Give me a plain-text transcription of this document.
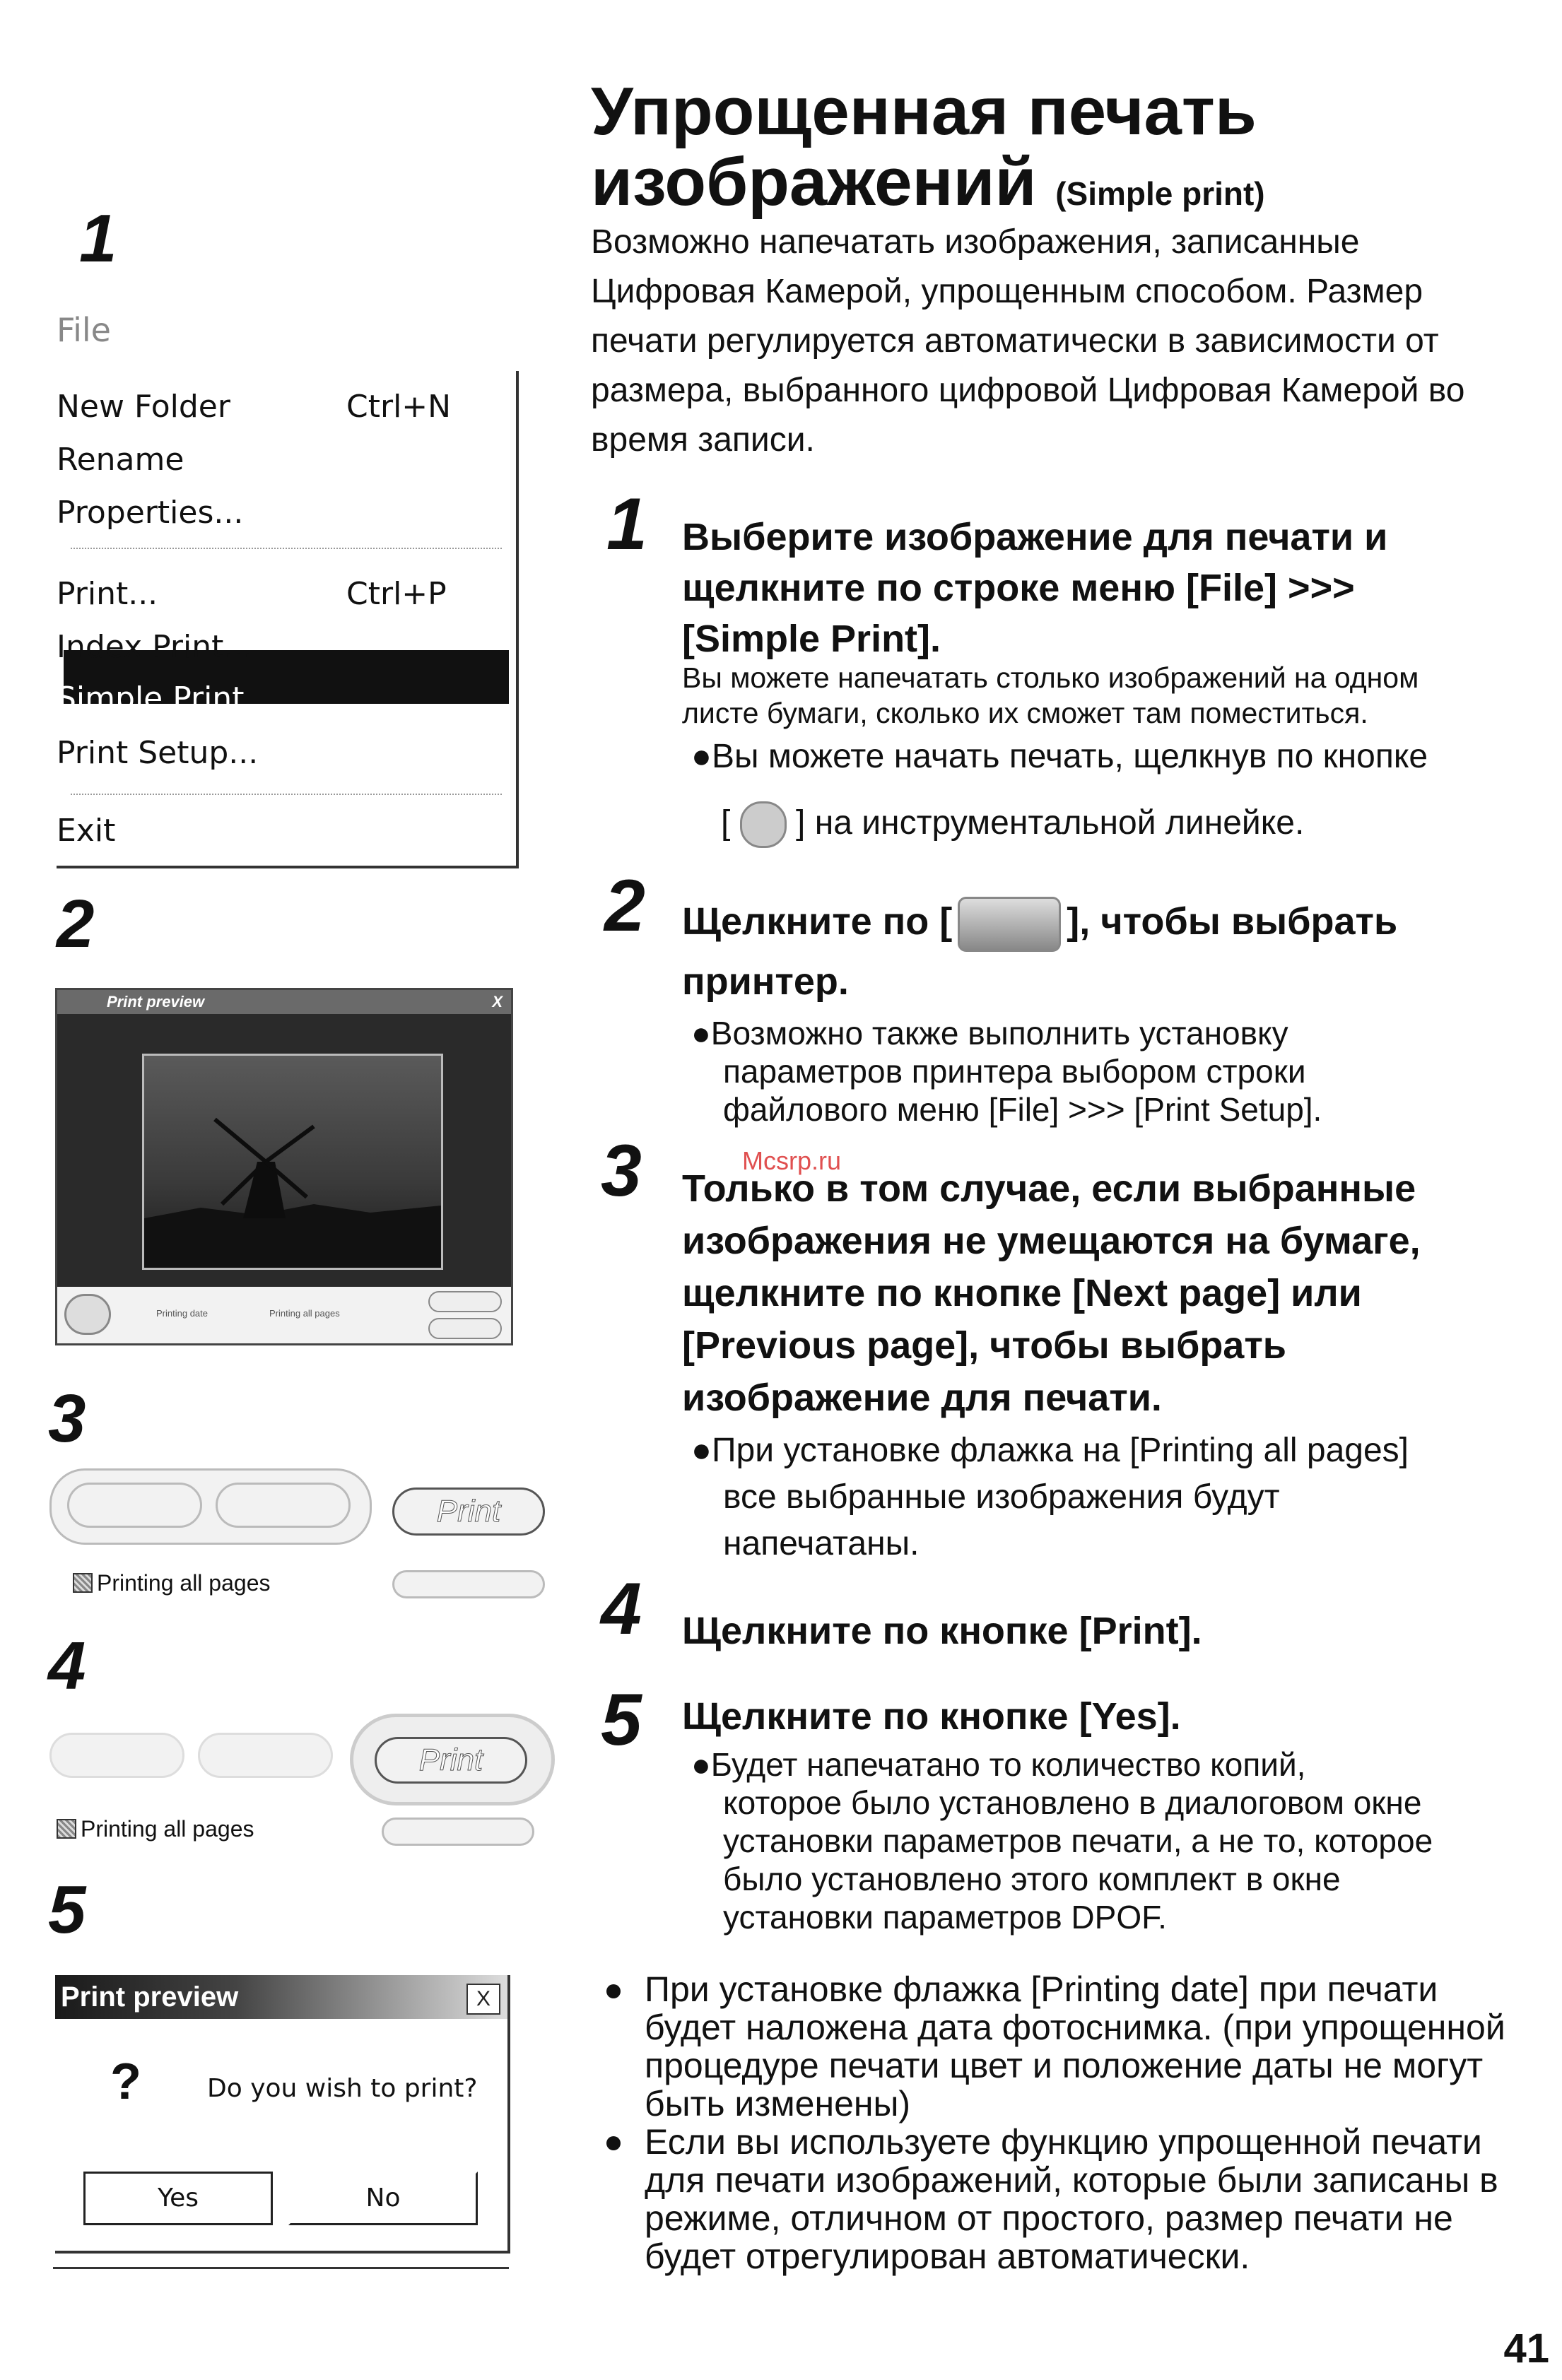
1
File
New Folder	Ctrl+N
Rename
Properties...
Print...	Ctrl+P
Index Print...
Simple Print...
Print Setup...
Exit
2
Print preview	X
Printing date	Printing all pages
3
Print
Printing all pages
4
Print
Printing all pages
5
Print preview	X
?	Do you wish to print?
Yes	No
Упрощенная печать
изображений (Simple print)
Возможно напечатать изображения, записанные
Цифровая Камерой, упрощенным способом. Размер
печати регулируется автоматически в зависимости от
размера, выбранного цифровой Цифровая Камерой во
время записи.
1 Выберите изображение для печати и
щелкните по строке меню [File] >>>
[Simple Print].
Вы можете напечатать столько изображений на одном
листе бумаги, сколько их сможет там поместиться.
●Вы можете начать печать, щелкнув по кнопке
[ ] на инструментальной линейке.
2 Щелкните по [	], чтобы выбрать
принтер.
●Возможно также выполнить установку
параметров принтера выбором строки
файлового меню [File] >>> [Print Setup].
3 Только в том случае, если выбранные
изображения не умещаются на бумаге,
щелкните по кнопке [Next page] или
[Previous page], чтобы выбрать
изображение для печати.
Mcsrp.ru
●При установке флажка на [Printing all pages]
все выбранные изображения будут
напечатаны.
4 Щелкните по кнопке [Print].
5 Щелкните по кнопке [Yes].
●Будет напечатано то количество копий,
которое было установлено в диалоговом окне
установки параметров печати, а не то, которое
было установлено этого комплект в окне
установки параметров DPOF.
При установке флажка [Printing date] при печати
будет наложена дата фотоснимка. (при упрощенной
процедуре печати цвет и положение даты не могут
быть изменены)
Если вы используете функцию упрощенной печати
для печати изображений, которые были записаны в
режиме, отличном от простого, размер печати не
будет отрегулирован автоматически.
41
